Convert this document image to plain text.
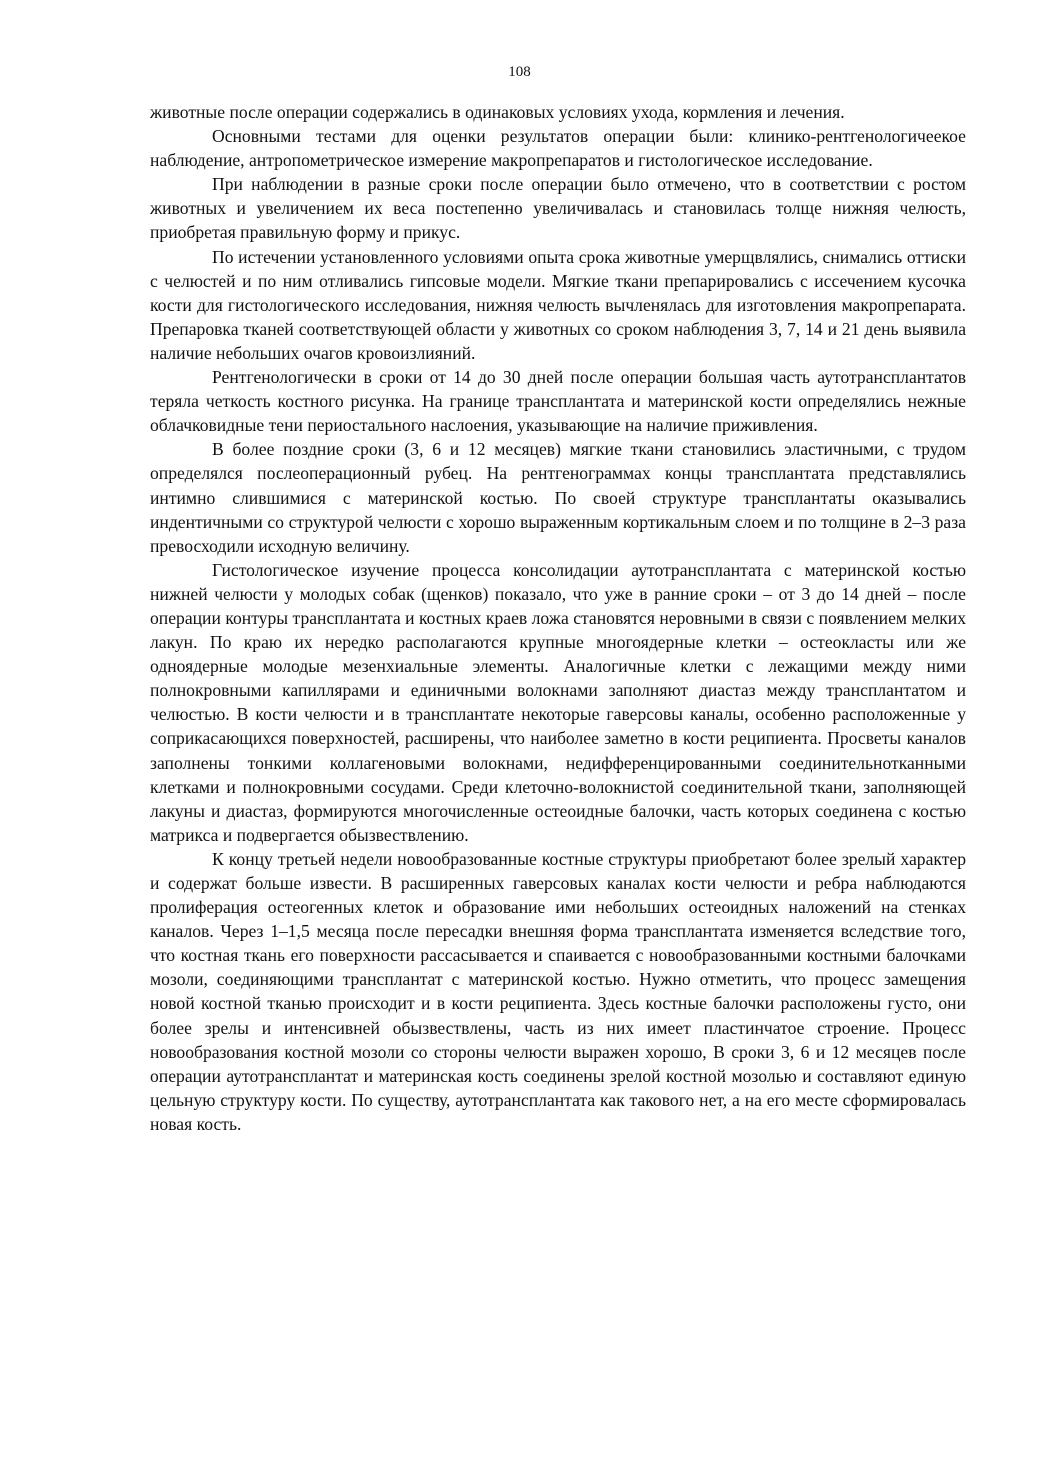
108

животные после операции содержались в одинаковых условиях ухода, кормления и лечения.

Основными тестами для оценки результатов операции были: клинико-рентгенологичеекое наблюдение, антропометрическое измерение макропрепаратов и гистологическое исследование.

При наблюдении в разные сроки после операции было отмечено, что в соответствии с ростом животных и увеличением их веса постепенно увеличивалась и становилась толще нижняя челюсть, приобретая правильную форму и прикус.

По истечении установленного условиями опыта срока животные умерщвлялись, снимались оттиски с челюстей и по ним отливались гипсовые модели. Мягкие ткани препарировались с иссечением кусочка кости для гистологического исследования, нижняя челюсть вычленялась для изготовления макропрепарата. Препаровка тканей соответствующей области у животных со сроком наблюдения 3, 7, 14 и 21 день выявила наличие небольших очагов кровоизлияний.

Рентгенологически в сроки от 14 до 30 дней после операции большая часть аутотрансплантатов теряла четкость костного рисунка. На границе трансплантата и материнской кости определялись нежные облачковидные тени периостального наслоения, указывающие на наличие приживления.

В более поздние сроки (3, 6 и 12 месяцев) мягкие ткани становились эластичными, с трудом определялся послеоперационный рубец. На рентгенограммах концы трансплантата представлялись интимно слившимися с материнской костью. По своей структуре трансплантаты оказывались индентичными со структурой челюсти с хорошо выраженным кортикальным слоем и по толщине в 2–3 раза превосходили исходную величину.

Гистологическое изучение процесса консолидации аутотрансплантата с материнской костью нижней челюсти у молодых собак (щенков) показало, что уже в ранние сроки – от 3 до 14 дней – после операции контуры трансплантата и костных краев ложа становятся неровными в связи с появлением мелких лакун. По краю их нередко располагаются крупные многоядерные клетки – остеокласты или же одноядерные молодые мезенхиальные элементы. Аналогичные клетки с лежащими между ними полнокровными капиллярами и единичными волокнами заполняют диастаз между трансплантатом и челюстью. В кости челюсти и в трансплантате некоторые гаверсовы каналы, особенно расположенные у соприкасающихся поверхностей, расширены, что наиболее заметно в кости реципиента. Просветы каналов заполнены тонкими коллагеновыми волокнами, недифференцированными соединительнотканными клетками и полнокровными сосудами. Среди клеточно-волокнистой соединительной ткани, заполняющей лакуны и диастаз, формируются многочисленные остеоидные балочки, часть которых соединена с костью матрикса и подвергается обызвествлению.

К концу третьей недели новообразованные костные структуры приобретают более зрелый характер и содержат больше извести. В расширенных гаверсовых каналах кости челюсти и ребра наблюдаются пролиферация остеогенных клеток и образование ими небольших остеоидных наложений на стенках каналов. Через 1–1,5 месяца после пересадки внешняя форма трансплантата изменяется вследствие того, что костная ткань его поверхности рассасывается и спаивается с новообразованными костными балочками мозоли, соединяющими трансплантат с материнской костью. Нужно отметить, что процесс замещения новой костной тканью происходит и в кости реципиента. Здесь костные балочки расположены густо, они более зрелы и интенсивней обызвествлены, часть из них имеет пластинчатое строение. Процесс новообразования костной мозоли со стороны челюсти выражен хорошо, В сроки 3, 6 и 12 месяцев после операции аутотрансплантат и материнская кость соединены зрелой костной мозолью и составляют единую цельную структуру кости. По существу, аутотрансплантата как такового нет, а на его месте сформировалась новая кость.
